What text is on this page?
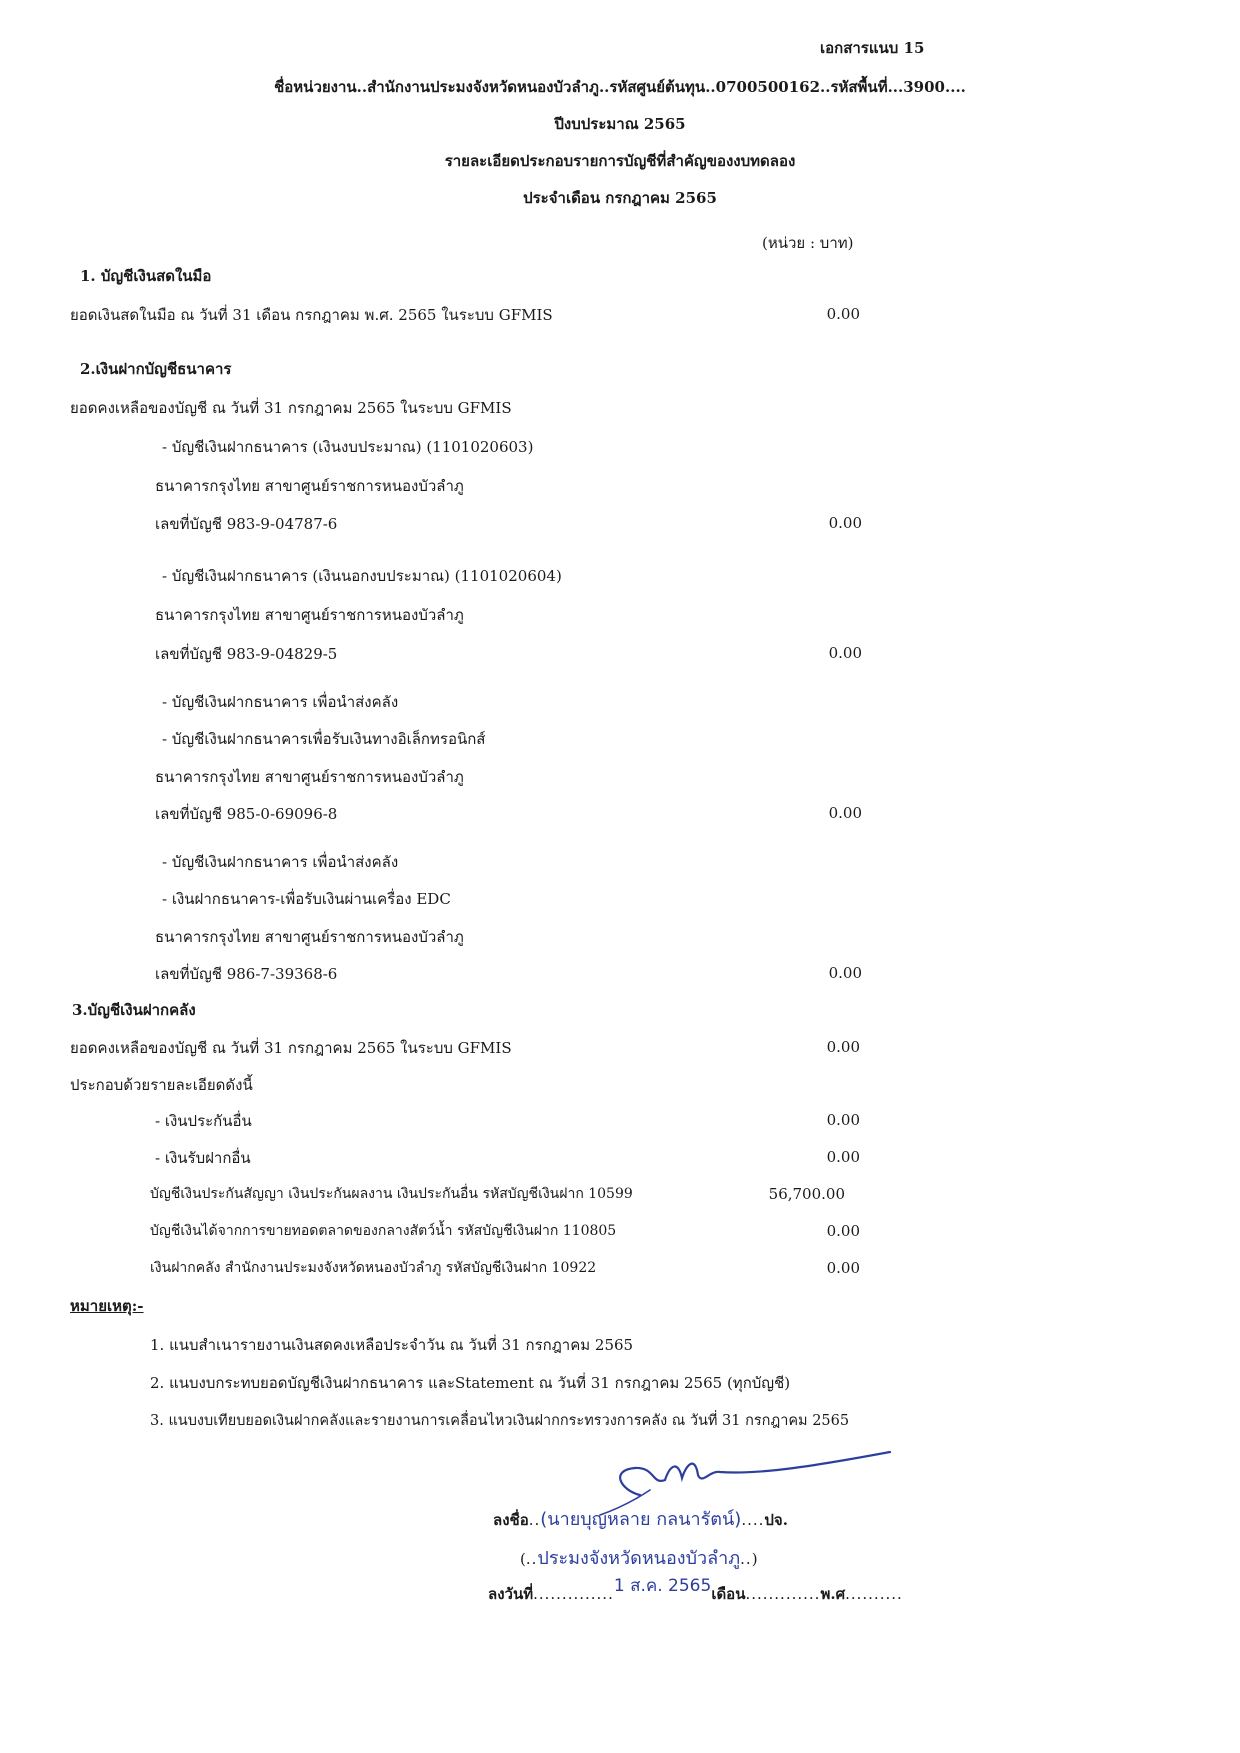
เอกสารแนบ 15
ชื่อหน่วยงาน..สำนักงานประมงจังหวัดหนองบัวลำภู..รหัสศูนย์ต้นทุน..0700500162..รหัสพื้นที่...3900....
ปีงบประมาณ 2565
รายละเอียดประกอบรายการบัญชีที่สำคัญของงบทดลอง
ประจำเดือน กรกฎาคม 2565
(หน่วย : บาท)
1. บัญชีเงินสดในมือ
ยอดเงินสดในมือ ณ วันที่ 31 เดือน กรกฎาคม พ.ศ. 2565 ในระบบ GFMIS	0.00
2.เงินฝากบัญชีธนาคาร
ยอดคงเหลือของบัญชี ณ วันที่ 31 กรกฎาคม 2565 ในระบบ GFMIS
- บัญชีเงินฝากธนาคาร (เงินงบประมาณ) (1101020603)
ธนาคารกรุงไทย สาขาศูนย์ราชการหนองบัวลำภู
เลขที่บัญชี 983-9-04787-6	0.00
- บัญชีเงินฝากธนาคาร (เงินนอกงบประมาณ) (1101020604)
ธนาคารกรุงไทย สาขาศูนย์ราชการหนองบัวลำภู
เลขที่บัญชี 983-9-04829-5	0.00
- บัญชีเงินฝากธนาคาร เพื่อนำส่งคลัง
- บัญชีเงินฝากธนาคารเพื่อรับเงินทางอิเล็กทรอนิกส์
ธนาคารกรุงไทย สาขาศูนย์ราชการหนองบัวลำภู
เลขที่บัญชี 985-0-69096-8	0.00
- บัญชีเงินฝากธนาคาร เพื่อนำส่งคลัง
- เงินฝากธนาคาร-เพื่อรับเงินผ่านเครื่อง EDC
ธนาคารกรุงไทย สาขาศูนย์ราชการหนองบัวลำภู
เลขที่บัญชี 986-7-39368-6	0.00
3.บัญชีเงินฝากคลัง
ยอดคงเหลือของบัญชี ณ วันที่ 31 กรกฎาคม 2565 ในระบบ GFMIS	0.00
ประกอบด้วยรายละเอียดดังนี้
- เงินประกันอื่น	0.00
- เงินรับฝากอื่น	0.00
บัญชีเงินประกันสัญญา เงินประกันผลงาน เงินประกันอื่น รหัสบัญชีเงินฝาก 10599	56,700.00
บัญชีเงินได้จากการขายทอดตลาดของกลางสัตว์น้ำ รหัสบัญชีเงินฝาก 110805	0.00
เงินฝากคลัง สำนักงานประมงจังหวัดหนองบัวลำภู รหัสบัญชีเงินฝาก 10922	0.00
หมายเหตุ:-
1. แนบสำเนารายงานเงินสดคงเหลือประจำวัน ณ วันที่ 31 กรกฎาคม 2565
2. แนบงบกระทบยอดบัญชีเงินฝากธนาคาร และStatement ณ วันที่ 31 กรกฎาคม 2565 (ทุกบัญชี)
3. แนบงบเทียบยอดเงินฝากคลังและรายงานการเคลื่อนไหวเงินฝากกระทรวงการคลัง ณ วันที่ 31 กรกฎาคม 2565
ลงชื่อ..(นายบุญหลาย กลนารัตน์)....ปจ.
(..ประมงจังหวัดหนองบัวลำภู..)
ลงวันที่..............1 ส.ค. 2565เดือน.............พ.ศ..........
